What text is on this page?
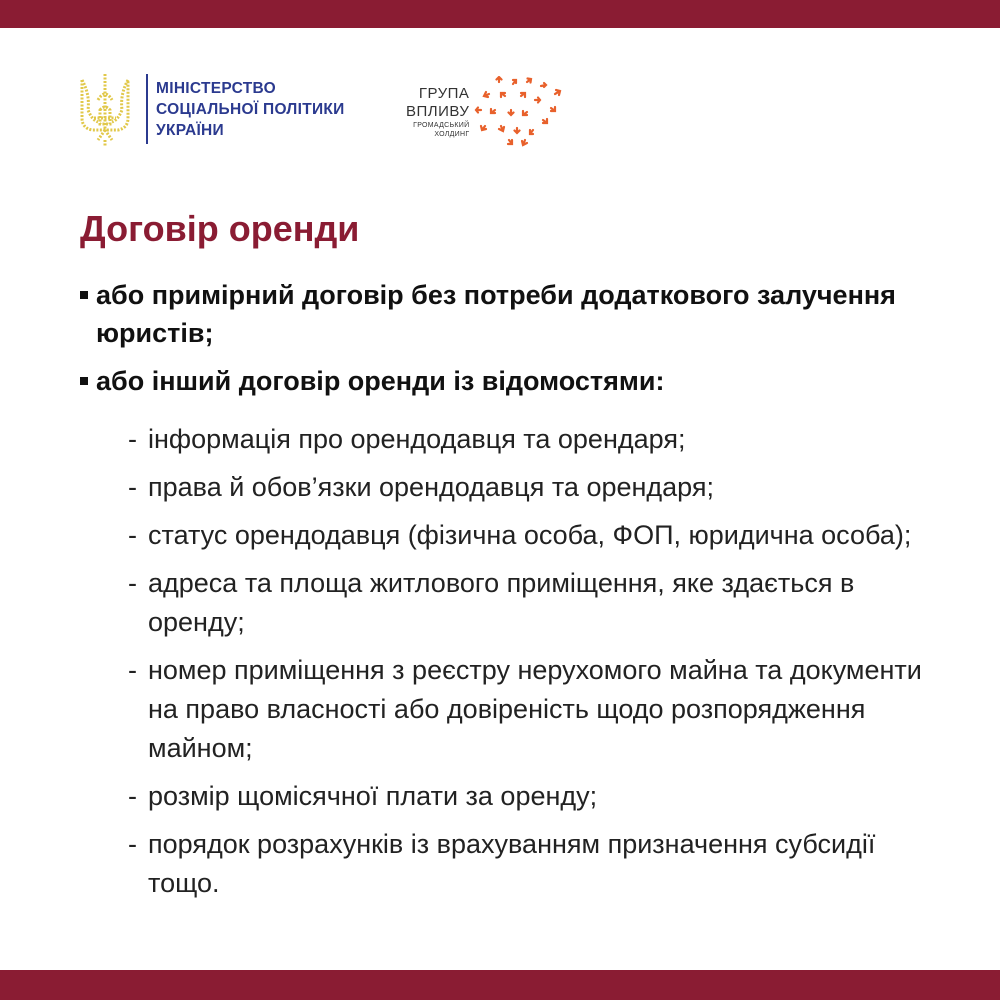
МІНІСТЕРСТВО
СОЦІАЛЬНОЇ ПОЛІТИКИ
УКРАЇНИ
ГРУПА
ВПЛИВУ
ГРОМАДСЬКИЙ
ХОЛДИНГ
Договір оренди
або примірний договір без потреби додаткового залучення юристів;
або інший договір оренди із відомостями:
- інформація про орендодавця та орендаря;
- права й обов’язки орендодавця та орендаря;
- статус орендодавця (фізична особа, ФОП, юридична особа);
- адреса та площа житлового приміщення, яке здається в оренду;
- номер приміщення з реєстру нерухомого майна та документи на право власності або довіреність щодо розпорядження майном;
- розмір щомісячної плати за оренду;
- порядок розрахунків із врахуванням призначення субсидії тощо.
